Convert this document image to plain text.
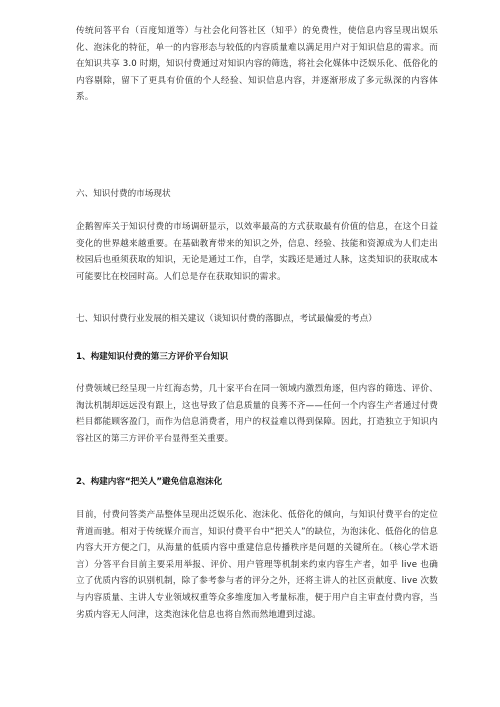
传统问答平台（百度知道等）与社会化问答社区（知乎）的免费性，使信息内容呈现出娱乐化、泡沫化的特征，单一的内容形态与较低的内容质量难以满足用户对于知识信息的需求。而在知识共享 3.0 时期，知识付费通过对知识内容的筛选，将社会化媒体中泛娱乐化、低俗化的内容剔除，留下了更具有价值的个人经验、知识信息内容，并逐渐形成了多元纵深的内容体系。

六、知识付费的市场现状

企鹅智库关于知识付费的市场调研显示，以效率最高的方式获取最有价值的信息，在这个日益变化的世界越来越重要。在基础教育带来的知识之外，信息、经验、技能和资源成为人们走出校园后也亟须获取的知识，无论是通过工作，自学，实践还是通过人脉，这类知识的获取成本可能要比在校园时高。人们总是存在获取知识的需求。

七、知识付费行业发展的相关建议（谈知识付费的落脚点，考试最偏爱的考点）
1、构建知识付费的第三方评价平台知识

付费领域已经呈现一片红海态势，几十家平台在同一领域内激烈角逐，但内容的筛选、评价、淘汰机制却远远没有跟上，这也导致了信息质量的良莠不齐——任何一个内容生产者通过付费栏目都能顾客盈门，而作为信息消费者，用户的权益难以得到保障。因此，打造独立于知识内容社区的第三方评价平台显得至关重要。

2、构建内容“把关人”避免信息泡沫化

目前，付费问答类产品整体呈现出泛娱乐化、泡沫化、低俗化的倾向，与知识付费平台的定位背道而驰。相对于传统媒介而言，知识付费平台中“把关人”的缺位，为泡沫化、低俗化的信息内容大开方便之门，从海量的低质内容中重建信息传播秩序是问题的关键所在。（核心学术语言）分答平台目前主要采用举报、评价、用户管理等机制来约束内容生产者，如乎 live 也确立了优质内容的识别机制，除了参考参与者的评分之外，还将主讲人的社区贡献度、live 次数与内容质量、主讲人专业领域权重等众多维度加入考量标准，便于用户自主审查付费内容，当劣质内容无人问津，这类泡沫化信息也将自然而然地遭到过滤。
